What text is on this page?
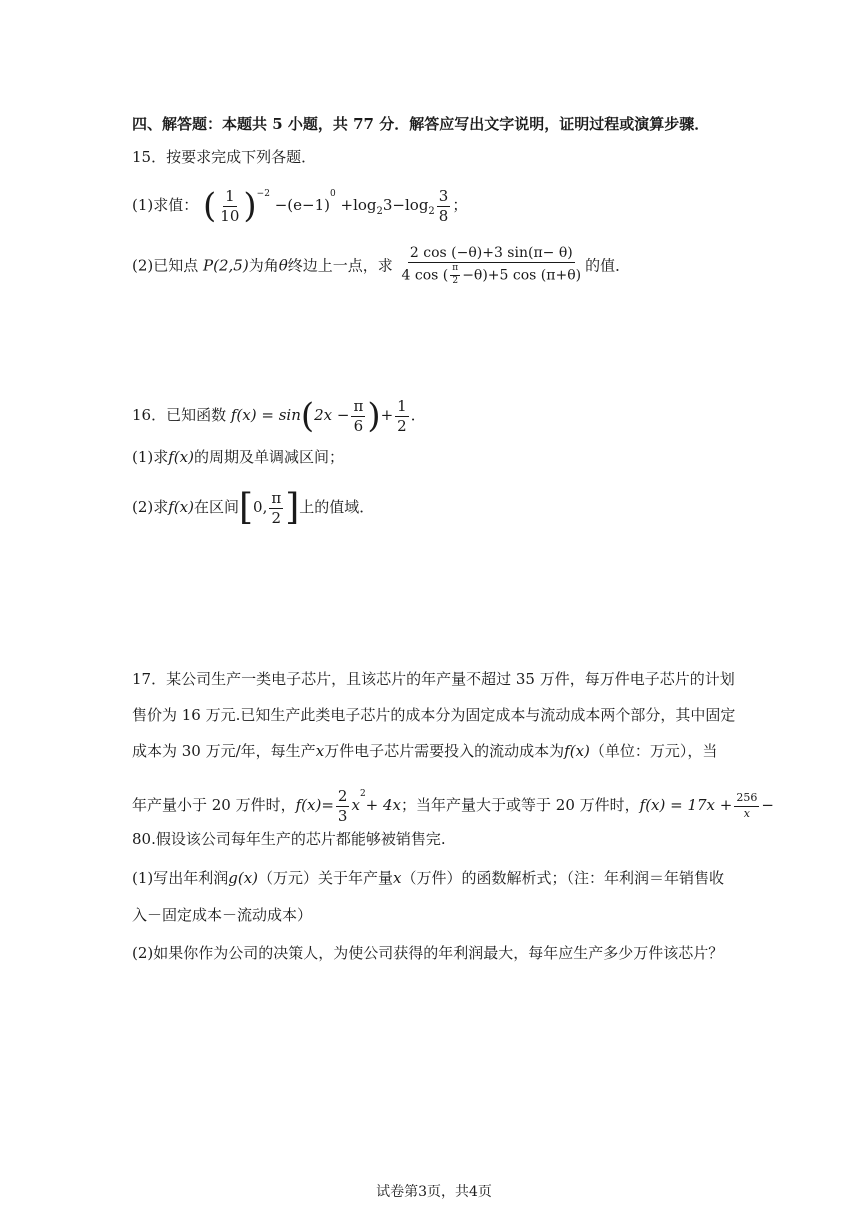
四、解答题：本题共 5 小题，共 77 分．解答应写出文字说明，证明过程或演算步骤．
15．按要求完成下列各题．
(1)求值： ( $\frac{1}{10} )^{-2} -(e-1)^0 +\log_23-\log_2 \frac{3}{8}$ ；
(2)已知点 P(2,5)为角θ终边上一点，求 $\frac{2 \cos (-\theta)+3 \sin(\pi- \theta)}{4 \cos ( \frac{\pi}{2} -\theta)+5 \cos (\pi+\theta)}$ 的值．
16．已知函数 $f(x) = \sin(2x - \frac{\pi}{6}$ )+ $\frac{1}{2}$ ．
(1)求f(x)的周期及单调减区间；
(2)求f(x)在区间[0, $\frac{\pi}{2}$ ]上的值域．
17．某公司生产一类电子芯片，且该芯片的年产量不超过 35 万件，每万件电子芯片的计划
售价为 16 万元.已知生产此类电子芯片的成本分为固定成本与流动成本两个部分，其中固定
成本为 30 万元/年，每生产x万件电子芯片需要投入的流动成本为f(x)（单位：万元），当
年产量小于 20 万件时，$f(x)= \frac{2}{3} x^2+ 4x$；当年产量大于或等于 20 万件时，$f(x) = 17x + \frac{256}{x}$ −
80.假设该公司每年生产的芯片都能够被销售完.
(1)写出年利润g(x)（万元）关于年产量x（万件）的函数解析式；（注：年利润＝年销售收
入－固定成本－流动成本）
(2)如果你作为公司的决策人，为使公司获得的年利润最大，每年应生产多少万件该芯片？
试卷第3页，共4页
